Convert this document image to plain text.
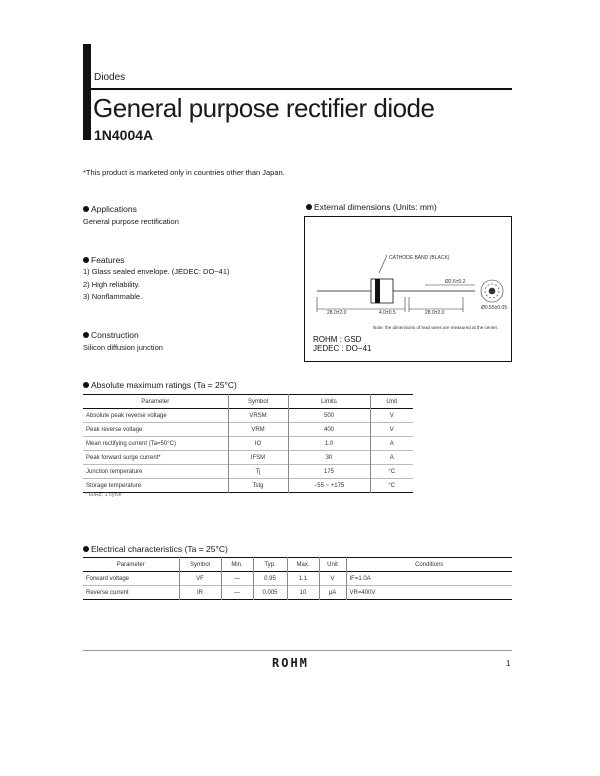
Diodes
General purpose rectifier diode
1N4004A
*This product is marketed only in countries other than Japan.
Applications
General purpose rectification
Features
1) Glass sealed envelope. (JEDEC: DO−41)
2) High reliability.
3) Nonflammable.
Construction
Silicon diffusion junction
External dimensions (Units: mm)
CATHODE BAND (BLACK)
28.0±2.0	4.0±0.5	28.0±2.0
Ø2.6±0.2
Ø0.55±0.05
Note: the dimensions of lead wires are measured at the center.
ROHM : GSD
JEDEC : DO−41
Absolute maximum ratings (Ta = 25°C)
Parameter	Symbol	Limits	Unit
Absolute peak reverse voltage	VRSM	500	V
Peak reverse voltage	VRM	400	V
Mean rectifying current (Ta=50°C)	IO	1.0	A
Peak forward surge current*	IFSM	30	A
Junction temperature	Tj	175	°C
Storage temperature	Tstg	−55 ~ +175	°C
* 60Hz, 1 cycle
Electrical characteristics (Ta = 25°C)
Parameter	Symbol	Min.	Typ.	Max.	Unit	Conditions
Forward voltage	VF	—	0.95	1.1	V	IF=1.0A
Reverse current	IR	—	0.005	10	μA	VR=400V
ROHM	1
